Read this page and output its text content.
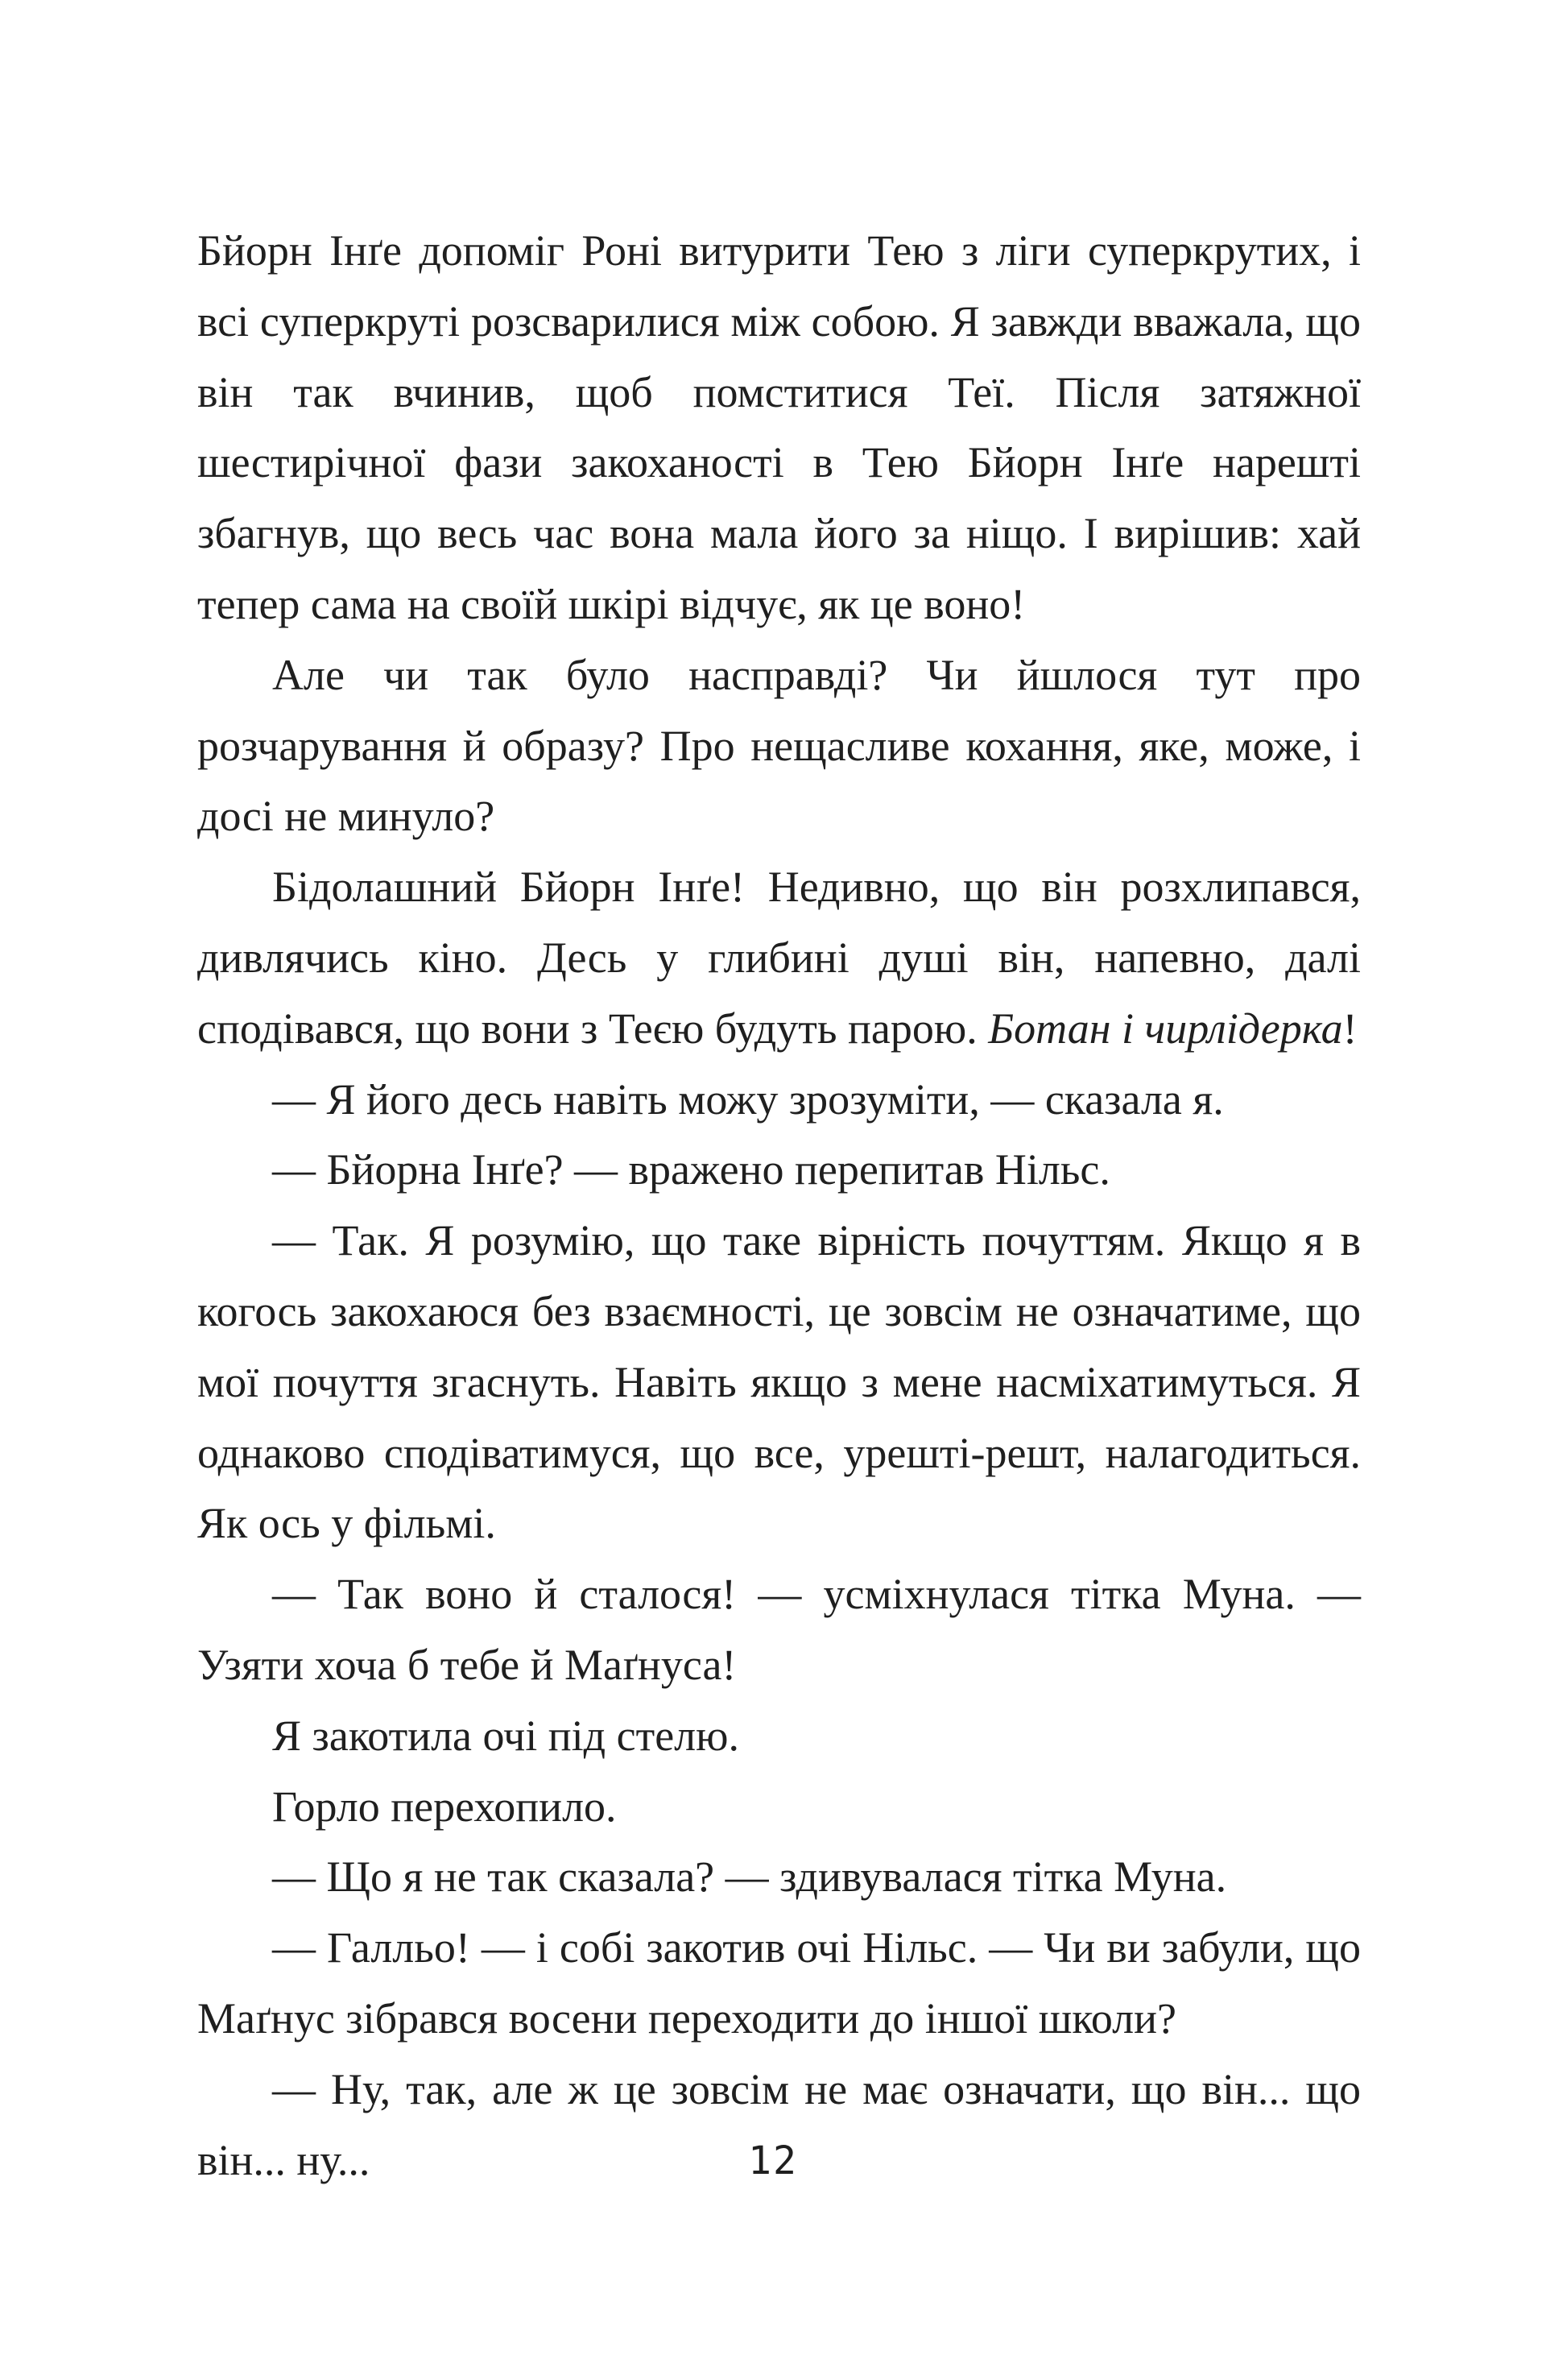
Бйорн Інґе допоміг Роні витурити Тею з ліги суперкрутих, і всі суперкруті розсварилися між собою. Я завжди вважала, що він так вчинив, щоб помститися Теї. Після затяжної шестирічної фази закоханості в Тею Бйорн Інґе нарешті збагнув, що весь час вона мала його за ніщо. І вирішив: хай тепер сама на своїй шкірі відчує, як це воно!

Але чи так було насправді? Чи йшлося тут про розчарування й образу? Про нещасливе кохання, яке, може, і досі не минуло?

Бідолашний Бйорн Інґе! Недивно, що він розхлипався, дивлячись кіно. Десь у глибині душі він, напевно, далі сподівався, що вони з Теєю будуть парою. Ботан і чирлідерка!

— Я його десь навіть можу зрозуміти, — сказала я.

— Бйорна Інґе? — вражено перепитав Нільс.

— Так. Я розумію, що таке вірність почуттям. Якщо я в когось закохаюся без взаємності, це зовсім не означатиме, що мої почуття згаснуть. Навіть якщо з мене насміхатимуться. Я однаково сподіватимуся, що все, урешті-решт, налагодиться. Як ось у фільмі.

— Так воно й сталося! — усміхнулася тітка Муна. — Узяти хоча б тебе й Маґнуса!

Я закотила очі під стелю.

Горло перехопило.

— Що я не так сказала? — здивувалася тітка Муна.

— Галльо! — і собі закотив очі Нільс. — Чи ви забули, що Маґнус зібрався восени переходити до іншої школи?

— Ну, так, але ж це зовсім не має означати, що він... що він... ну...	12
